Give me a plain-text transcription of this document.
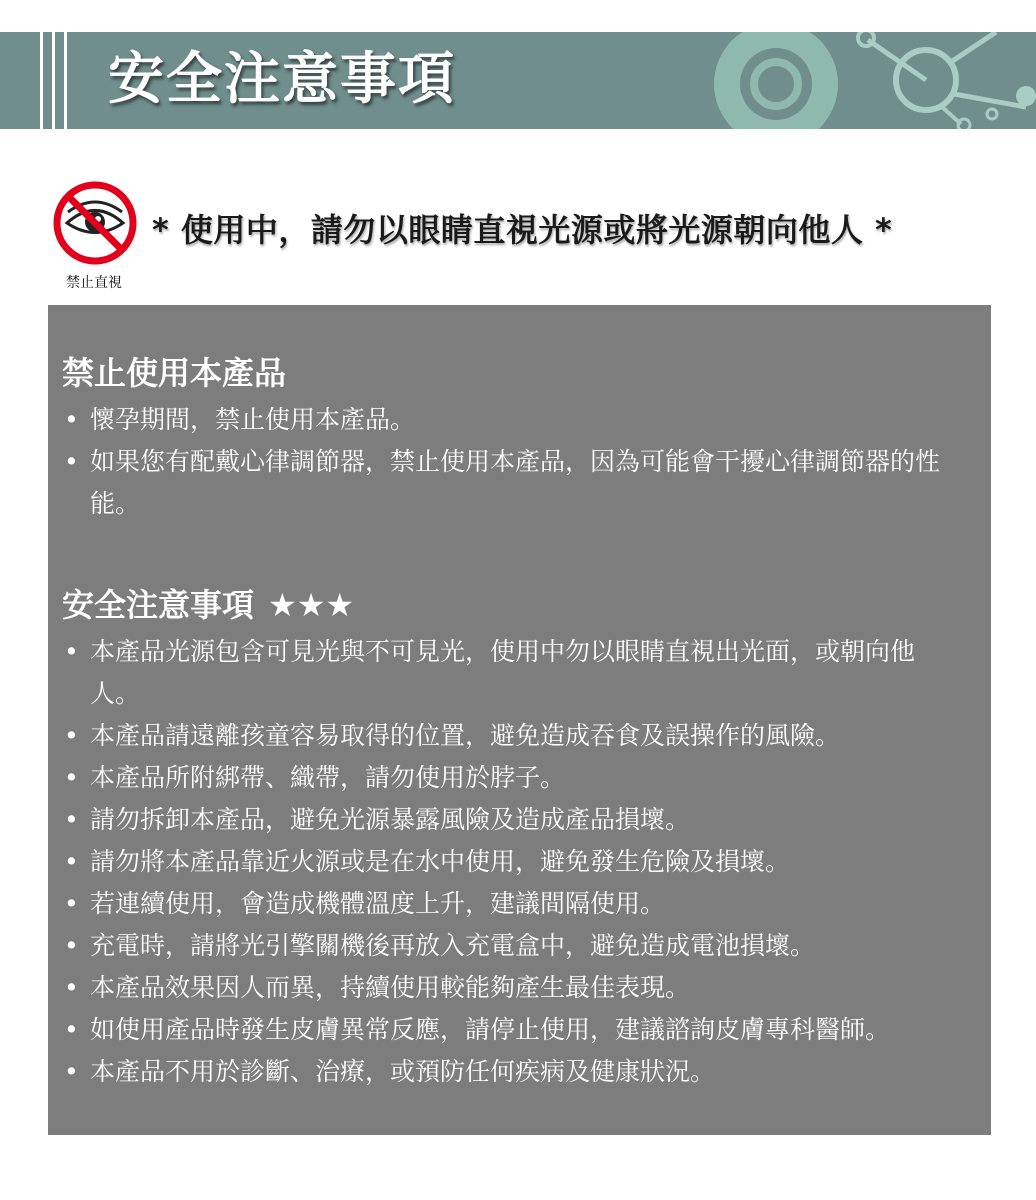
安全注意事項
禁止直視
* 使用中，請勿以眼睛直視光源或將光源朝向他人 *
禁止使用本產品
• 懷孕期間，禁止使用本產品。
• 如果您有配戴心律調節器，禁止使用本產品，因為可能會干擾心律調節器的性能。
安全注意事項 ★★★
• 本產品光源包含可見光與不可見光，使用中勿以眼睛直視出光面，或朝向他人。
• 本產品請遠離孩童容易取得的位置，避免造成吞食及誤操作的風險。
• 本產品所附綁帶、織帶，請勿使用於脖子。
• 請勿拆卸本產品，避免光源暴露風險及造成產品損壞。
• 請勿將本產品靠近火源或是在水中使用，避免發生危險及損壞。
• 若連續使用，會造成機體溫度上升，建議間隔使用。
• 充電時，請將光引擎關機後再放入充電盒中，避免造成電池損壞。
• 本產品效果因人而異，持續使用較能夠產生最佳表現。
• 如使用產品時發生皮膚異常反應，請停止使用，建議諮詢皮膚專科醫師。
• 本產品不用於診斷、治療，或預防任何疾病及健康狀況。
